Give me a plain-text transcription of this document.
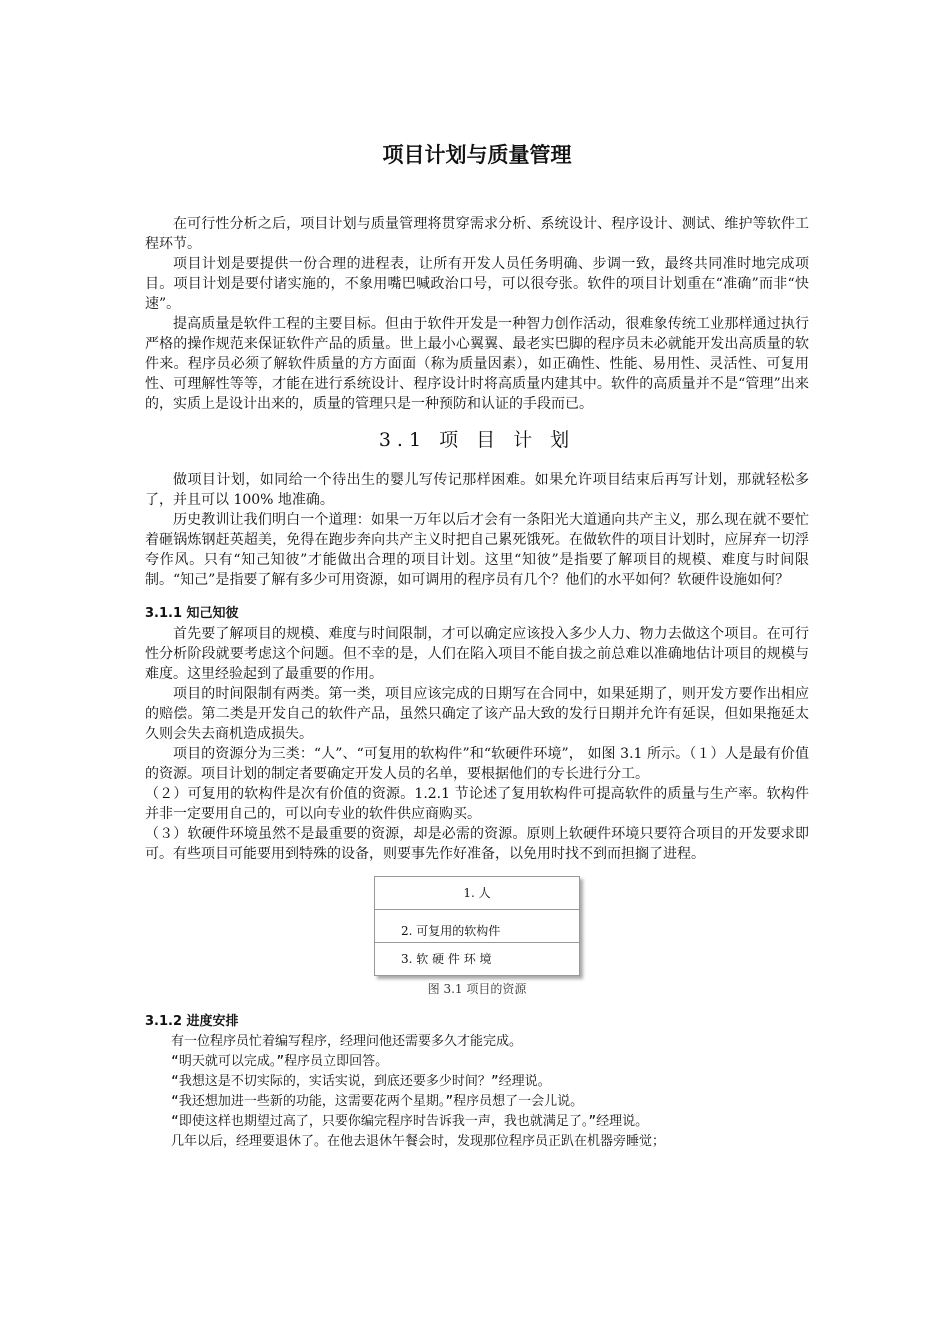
项目计划与质量管理

在可行性分析之后，项目计划与质量管理将贯穿需求分析、系统设计、程序设计、测试、维护等软件工程环节。

项目计划是要提供一份合理的进程表，让所有开发人员任务明确、步调一致，最终共同准时地完成项目。项目计划是要付诸实施的，不象用嘴巴喊政治口号，可以很夸张。软件的项目计划重在“准确”而非“快速”。

提高质量是软件工程的主要目标。但由于软件开发是一种智力创作活动，很难象传统工业那样通过执行严格的操作规范来保证软件产品的质量。世上最小心翼翼、最老实巴脚的程序员未必就能开发出高质量的软件来。程序员必须了解软件质量的方方面面（称为质量因素），如正确性、性能、易用性、灵活性、可复用性、可理解性等等，才能在进行系统设计、程序设计时将高质量内建其中。软件的高质量并不是“管理”出来的，实质上是设计出来的，质量的管理只是一种预防和认证的手段而已。

3.1 项 目 计 划

做项目计划，如同给一个待出生的婴儿写传记那样困难。如果允许项目结束后再写计划，那就轻松多了，并且可以 100% 地准确。

历史教训让我们明白一个道理：如果一万年以后才会有一条阳光大道通向共产主义，那么现在就不要忙着砸锅炼钢赶英超美，免得在跑步奔向共产主义时把自己累死饿死。在做软件的项目计划时，应屏弃一切浮夸作风。只有“知己知彼”才能做出合理的项目计划。这里“知彼”是指要了解项目的规模、难度与时间限制。“知己”是指要了解有多少可用资源，如可调用的程序员有几个？他们的水平如何？软硬件设施如何？

3.1.1 知己知彼

首先要了解项目的规模、难度与时间限制，才可以确定应该投入多少人力、物力去做这个项目。在可行性分析阶段就要考虑这个问题。但不幸的是，人们在陷入项目不能自拔之前总难以准确地估计项目的规模与难度。这里经验起到了最重要的作用。

项目的时间限制有两类。第一类，项目应该完成的日期写在合同中，如果延期了，则开发方要作出相应的赔偿。第二类是开发自己的软件产品，虽然只确定了该产品大致的发行日期并允许有延误，但如果拖延太久则会失去商机造成损失。

项目的资源分为三类：“人”、“可复用的软构件”和“软硬件环境”， 如图 3.1 所示。（１）人是最有价值的资源。项目计划的制定者要确定开发人员的名单，要根据他们的专长进行分工。

（２）可复用的软构件是次有价值的资源。1.2.1 节论述了复用软构件可提高软件的质量与生产率。软构件并非一定要用自己的，可以向专业的软件供应商购买。

（３）软硬件环境虽然不是最重要的资源，却是必需的资源。原则上软硬件环境只要符合项目的开发要求即可。有些项目可能要用到特殊的设备，则要事先作好准备，以免用时找不到而担搁了进程。

1. 人
2. 可复用的软构件
3. 软 硬 件 环 境
图 3.1 项目的资源
3.1.2 进度安排

有一位程序员忙着编写程序，经理问他还需要多久才能完成。

“明天就可以完成。”程序员立即回答。

“我想这是不切实际的，实话实说，到底还要多少时间？”经理说。

“我还想加进一些新的功能，这需要花两个星期。”程序员想了一会儿说。

“即使这样也期望过高了，只要你编完程序时告诉我一声，我也就满足了。”经理说。

几年以后，经理要退休了。在他去退休午餐会时，发现那位程序员正趴在机器旁睡觉；
